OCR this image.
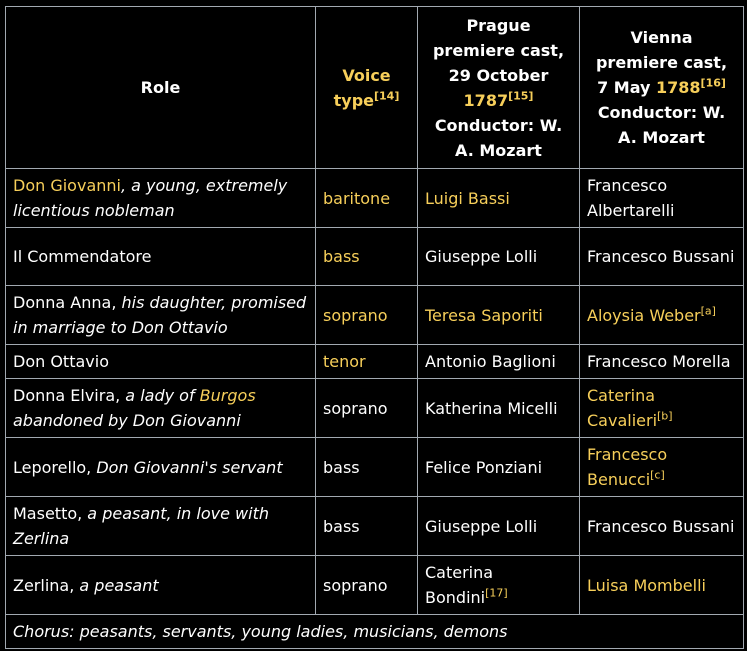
Role	Voice type[14]	Prague premiere cast,
29 October
1787[15]
Conductor: W. A. Mozart	Vienna premiere cast,
7 May 1788[16]
Conductor: W. A. Mozart
Don Giovanni, a young, extremely licentious nobleman	baritone	Luigi Bassi	Francesco Albertarelli
Il Commendatore	bass	Giuseppe Lolli	Francesco Bussani
Donna Anna, his daughter, promised in marriage to Don Ottavio	soprano	Teresa Saporiti	Aloysia Weber[a]
Don Ottavio	tenor	Antonio Baglioni	Francesco Morella
Donna Elvira, a lady of Burgos abandoned by Don Giovanni	soprano	Katherina Micelli	Caterina Cavalieri[b]
Leporello, Don Giovanni's servant	bass	Felice Ponziani	Francesco Benucci[c]
Masetto, a peasant, in love with Zerlina	bass	Giuseppe Lolli	Francesco Bussani
Zerlina, a peasant	soprano	Caterina Bondini[17]	Luisa Mombelli
Chorus: peasants, servants, young ladies, musicians, demons			
